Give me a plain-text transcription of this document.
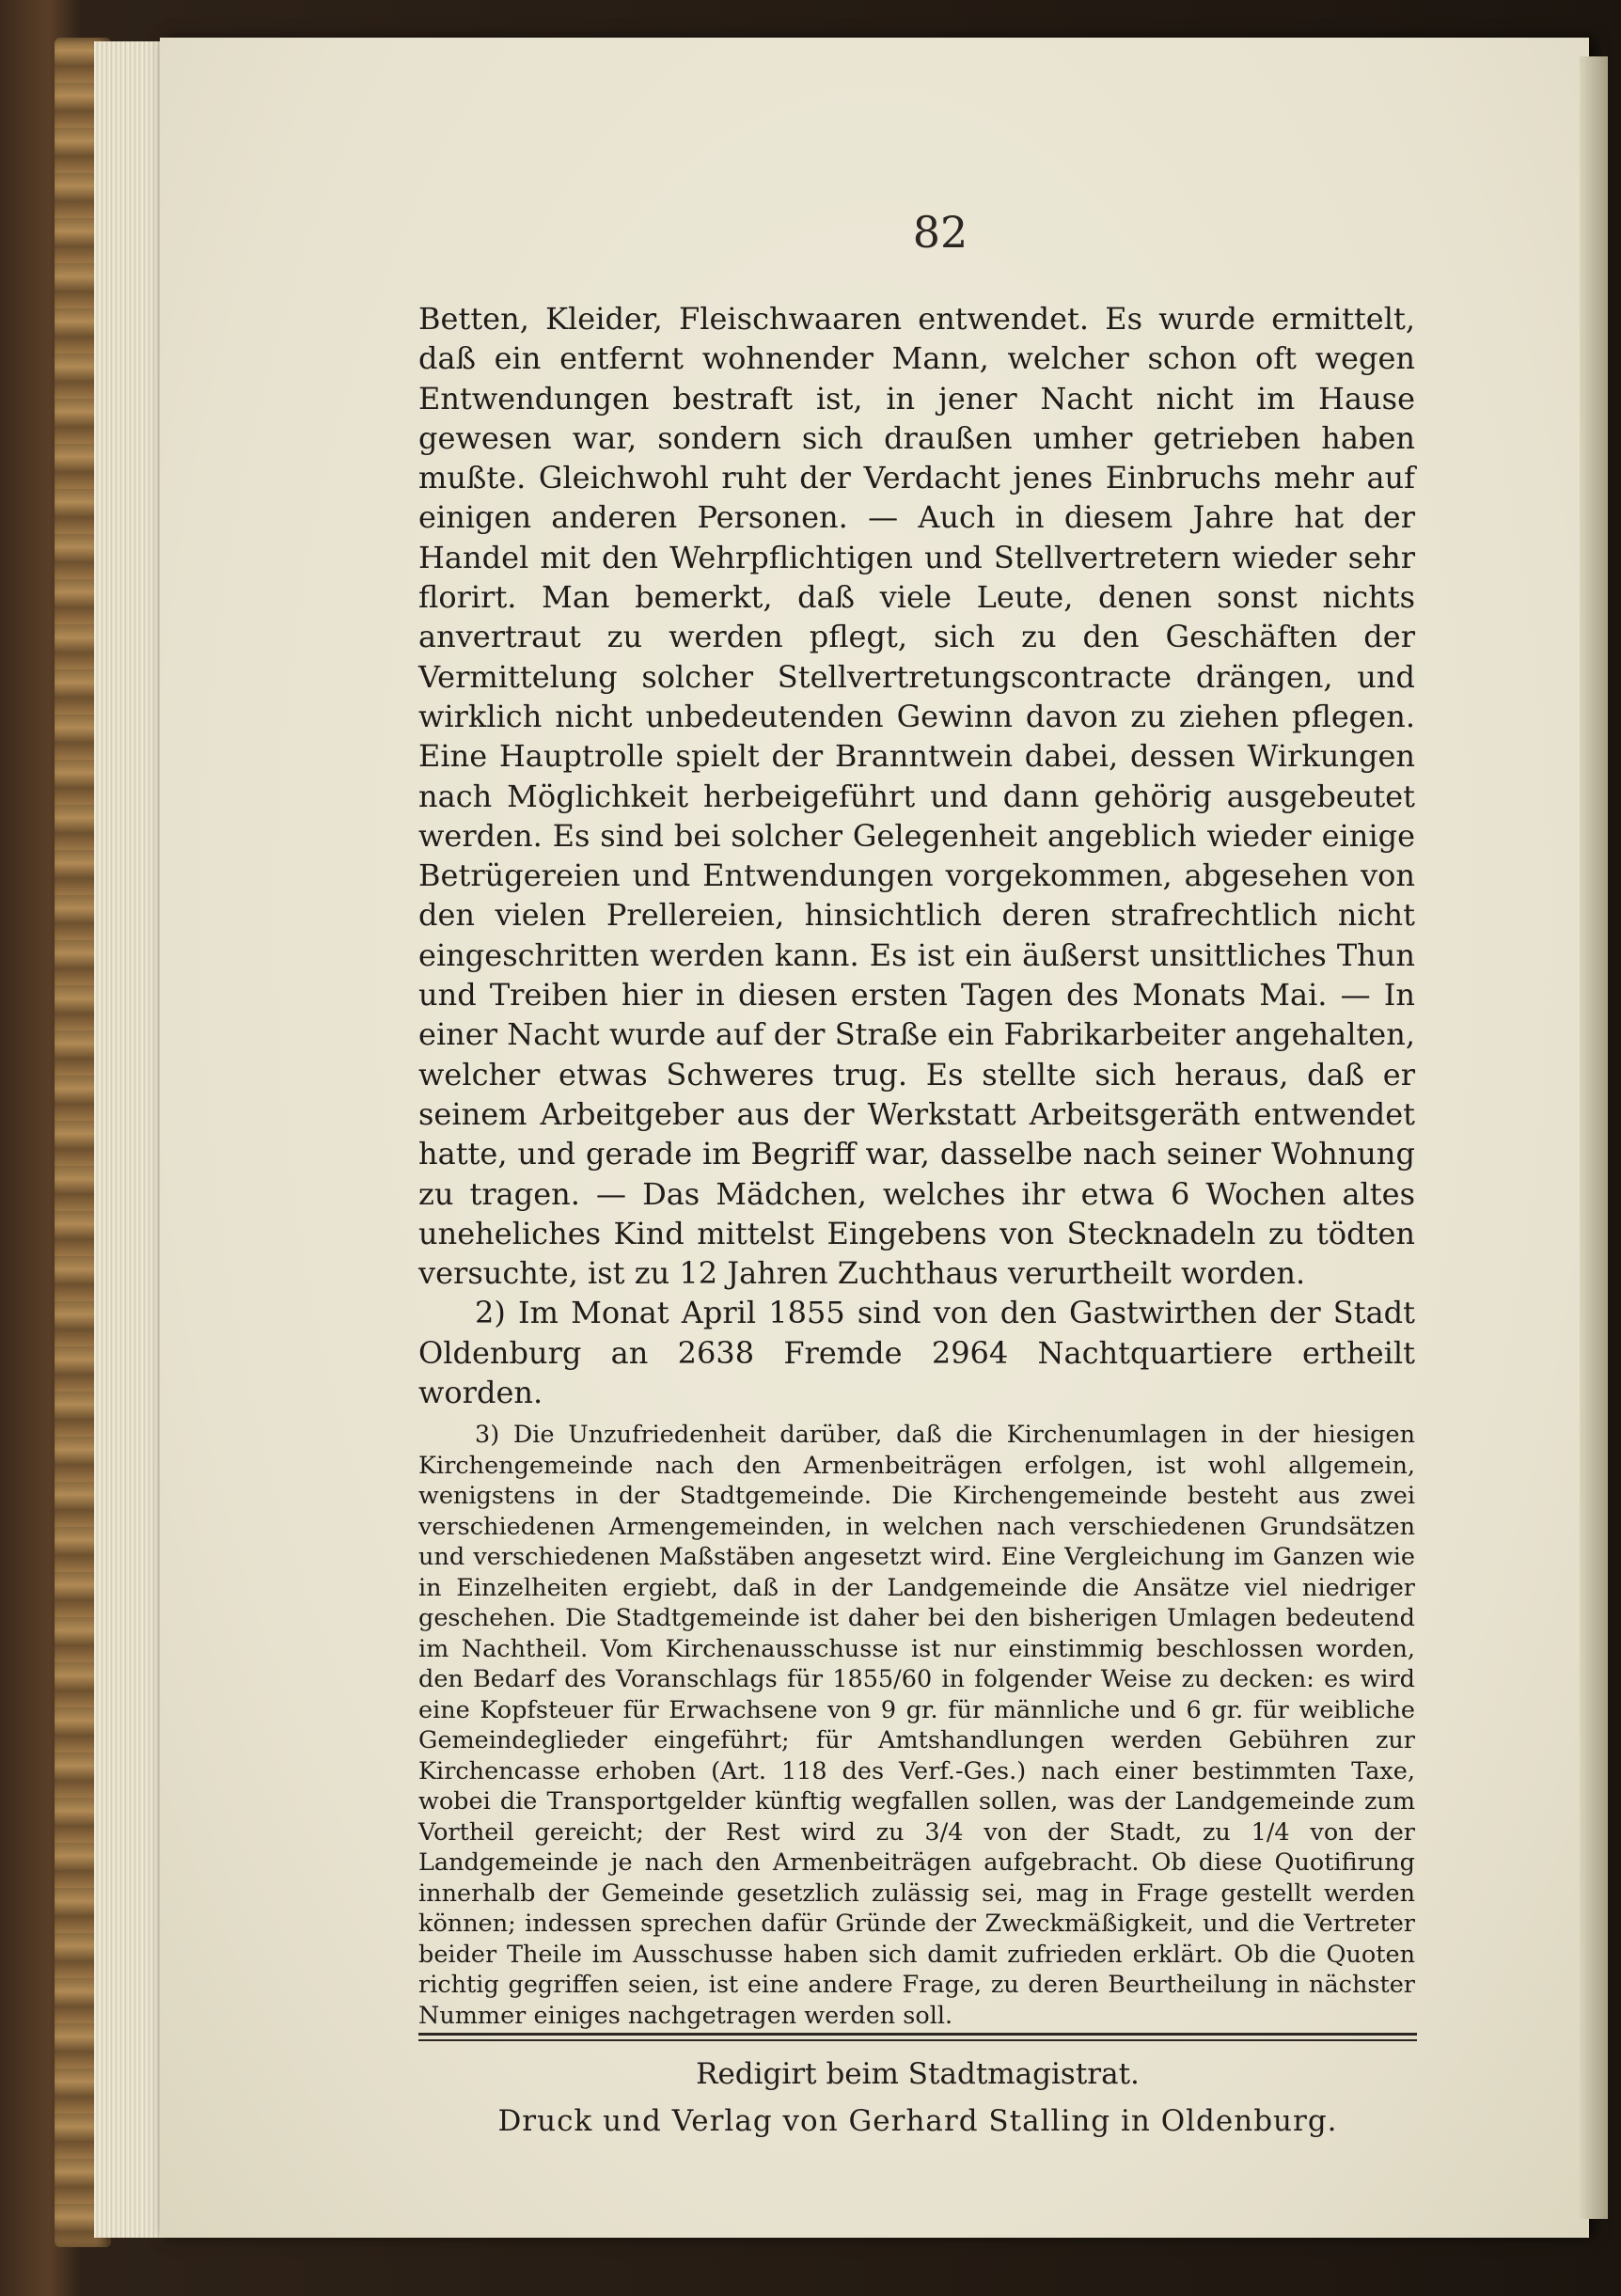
82

Betten, Kleider, Fleischwaaren entwendet. Es wurde ermittelt, daß ein entfernt wohnender Mann, welcher schon oft wegen Entwendungen bestraft ist, in jener Nacht nicht im Hause gewesen war, sondern sich draußen umher getrieben haben mußte. Gleichwohl ruht der Verdacht jenes Einbruchs mehr auf einigen anderen Personen. — Auch in diesem Jahre hat der Handel mit den Wehrpflichtigen und Stellvertretern wieder sehr florirt. Man bemerkt, daß viele Leute, denen sonst nichts anvertraut zu werden pflegt, sich zu den Geschäften der Vermittelung solcher Stellvertretungscontracte drängen, und wirklich nicht unbedeutenden Gewinn davon zu ziehen pflegen. Eine Hauptrolle spielt der Branntwein dabei, dessen Wirkungen nach Möglichkeit herbeigeführt und dann gehörig ausgebeutet werden. Es sind bei solcher Gelegenheit angeblich wieder einige Betrügereien und Entwendungen vorgekommen, abgesehen von den vielen Prellereien, hinsichtlich deren strafrechtlich nicht eingeschritten werden kann. Es ist ein äußerst unsittliches Thun und Treiben hier in diesen ersten Tagen des Monats Mai. — In einer Nacht wurde auf der Straße ein Fabrikarbeiter angehalten, welcher etwas Schweres trug. Es stellte sich heraus, daß er seinem Arbeitgeber aus der Werkstatt Arbeitsgeräth entwendet hatte, und gerade im Begriff war, dasselbe nach seiner Wohnung zu tragen. — Das Mädchen, welches ihr etwa 6 Wochen altes uneheliches Kind mittelst Eingebens von Stecknadeln zu tödten versuchte, ist zu 12 Jahren Zuchthaus verurtheilt worden.

2) Im Monat April 1855 sind von den Gastwirthen der Stadt Oldenburg an 2638 Fremde 2964 Nachtquartiere ertheilt worden.

3) Die Unzufriedenheit darüber, daß die Kirchenumlagen in der hiesigen Kirchengemeinde nach den Armenbeiträgen erfolgen, ist wohl allgemein, wenigstens in der Stadtgemeinde. Die Kirchengemeinde besteht aus zwei verschiedenen Armengemeinden, in welchen nach verschiedenen Grundsätzen und verschiedenen Maßstäben angesetzt wird. Eine Vergleichung im Ganzen wie in Einzelheiten ergiebt, daß in der Landgemeinde die Ansätze viel niedriger geschehen. Die Stadtgemeinde ist daher bei den bisherigen Umlagen bedeutend im Nachtheil. Vom Kirchenausschusse ist nur einstimmig beschlossen worden, den Bedarf des Voranschlags für 1855/60 in folgender Weise zu decken: es wird eine Kopfsteuer für Erwachsene von 9 gr. für männliche und 6 gr. für weibliche Gemeindeglieder eingeführt; für Amtshandlungen werden Gebühren zur Kirchencasse erhoben (Art. 118 des Verf.-Ges.) nach einer bestimmten Taxe, wobei die Transportgelder künftig wegfallen sollen, was der Landgemeinde zum Vortheil gereicht; der Rest wird zu 3/4 von der Stadt, zu 1/4 von der Landgemeinde je nach den Armenbeiträgen aufgebracht. Ob diese Quotifirung innerhalb der Gemeinde gesetzlich zulässig sei, mag in Frage gestellt werden können; indessen sprechen dafür Gründe der Zweckmäßigkeit, und die Vertreter beider Theile im Ausschusse haben sich damit zufrieden erklärt. Ob die Quoten richtig gegriffen seien, ist eine andere Frage, zu deren Beurtheilung in nächster Nummer einiges nachgetragen werden soll.

Redigirt beim Stadtmagistrat.
Druck und Verlag von Gerhard Stalling in Oldenburg.
